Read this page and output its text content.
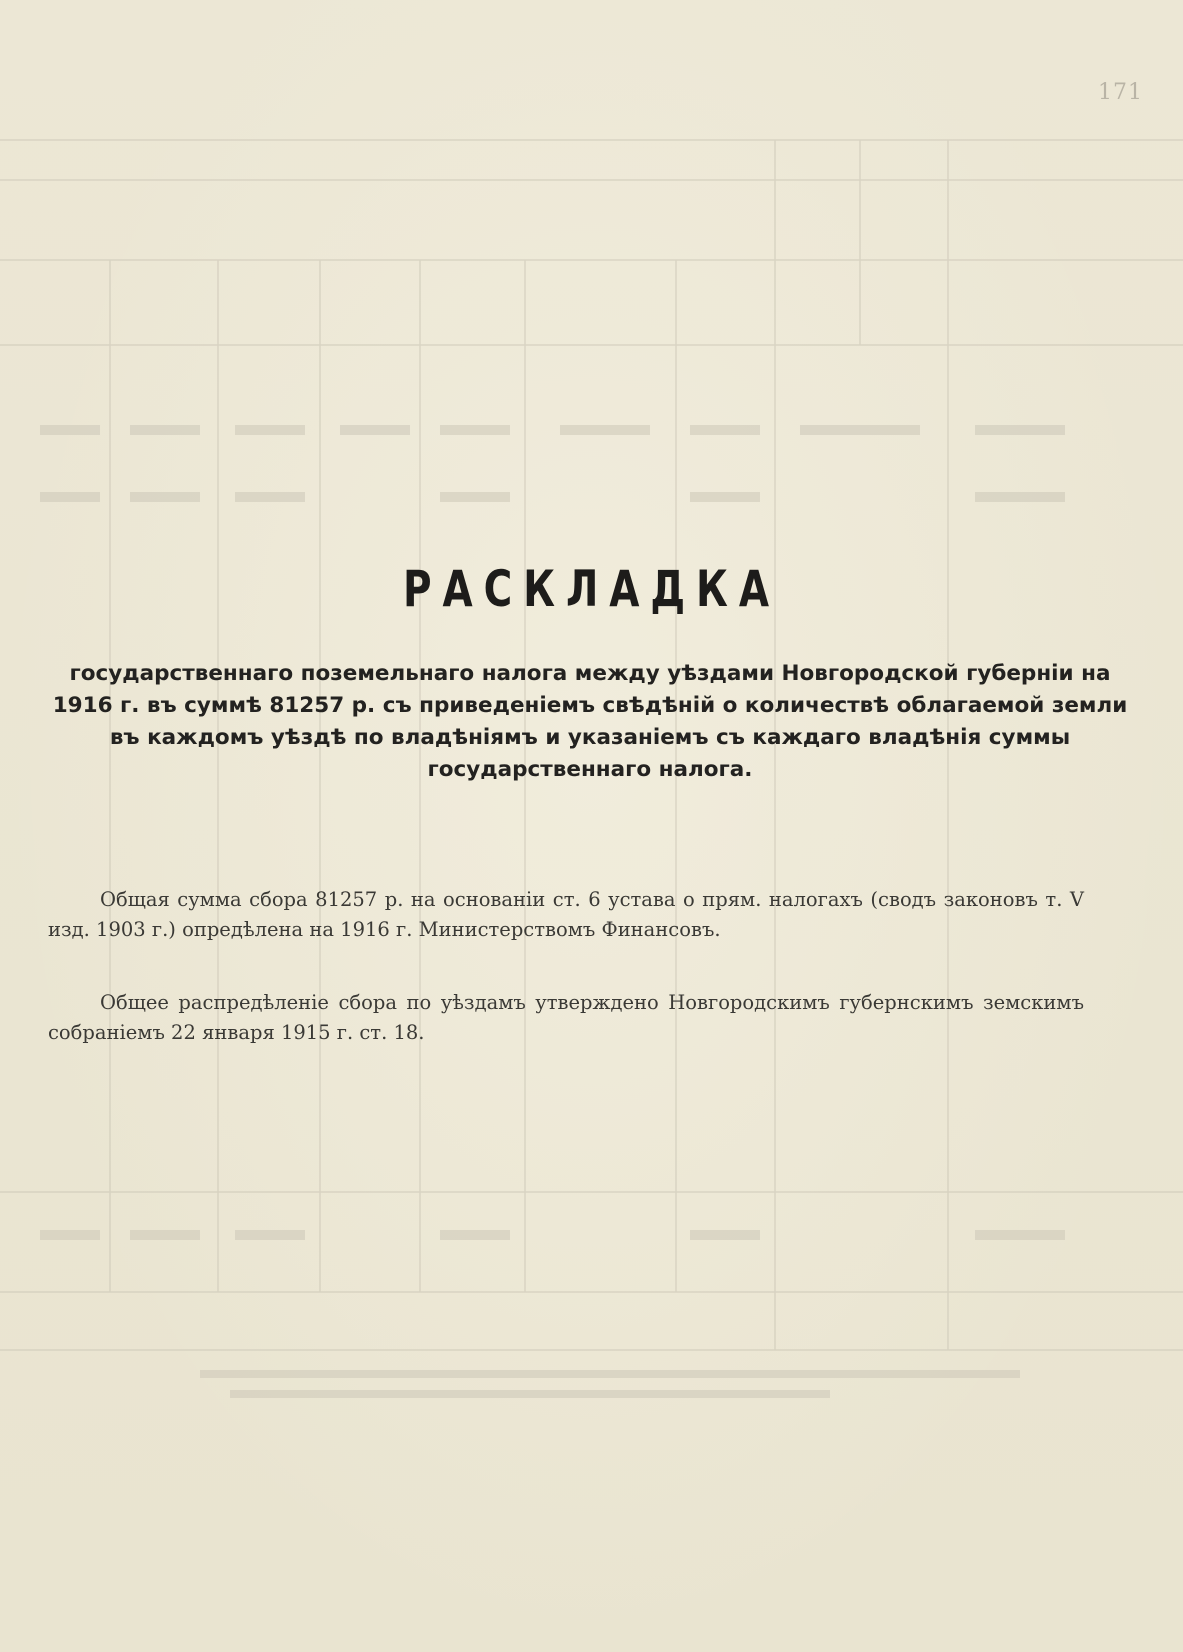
171
РАСКЛАДКА
государственнаго поземельнаго налога между уѣздами Новгородской губерніи на 1916 г. въ суммѣ 81257 р. съ приведеніемъ свѣдѣній о количествѣ облагаемой земли въ каждомъ уѣздѣ по владѣніямъ и указаніемъ съ каждаго владѣнія суммы государственнаго налога.
Общая сумма сбора 81257 р. на основаніи ст. 6 устава о прям. налогахъ (сводъ законовъ т. V изд. 1903 г.) опредѣлена на 1916 г. Министерствомъ Финансовъ.
Общее распредѣленіе сбора по уѣздамъ утверждено Новгородскимъ губернскимъ земскимъ собраніемъ 22 января 1915 г. ст. 18.
